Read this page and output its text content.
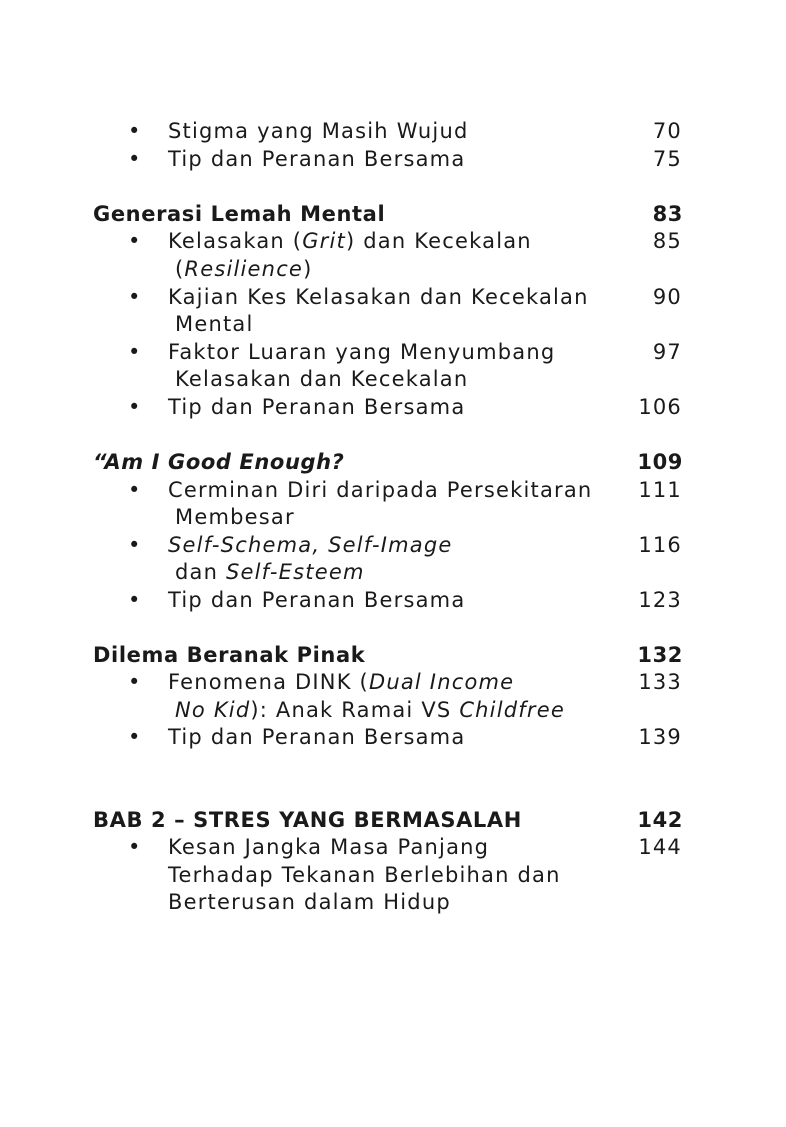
• Stigma yang Masih Wujud	70
• Tip dan Peranan Bersama	75
Generasi Lemah Mental	83
• Kelasakan (Grit) dan Kecekalan	85
(Resilience)
• Kajian Kes Kelasakan dan Kecekalan	90
Mental
• Faktor Luaran yang Menyumbang	97
Kelasakan dan Kecekalan
• Tip dan Peranan Bersama	106
“Am I Good Enough?	109
• Cerminan Diri daripada Persekitaran 111
Membesar
• Self-Schema, Self-Image	116
dan Self-Esteem
• Tip dan Peranan Bersama	123
Dilema Beranak Pinak	132
• Fenomena DINK (Dual Income	133
No Kid): Anak Ramai VS Childfree
• Tip dan Peranan Bersama	139
BAB 2 – STRES YANG BERMASALAH	142
• Kesan Jangka Masa Panjang	144
Terhadap Tekanan Berlebihan dan
Berterusan dalam Hidup
